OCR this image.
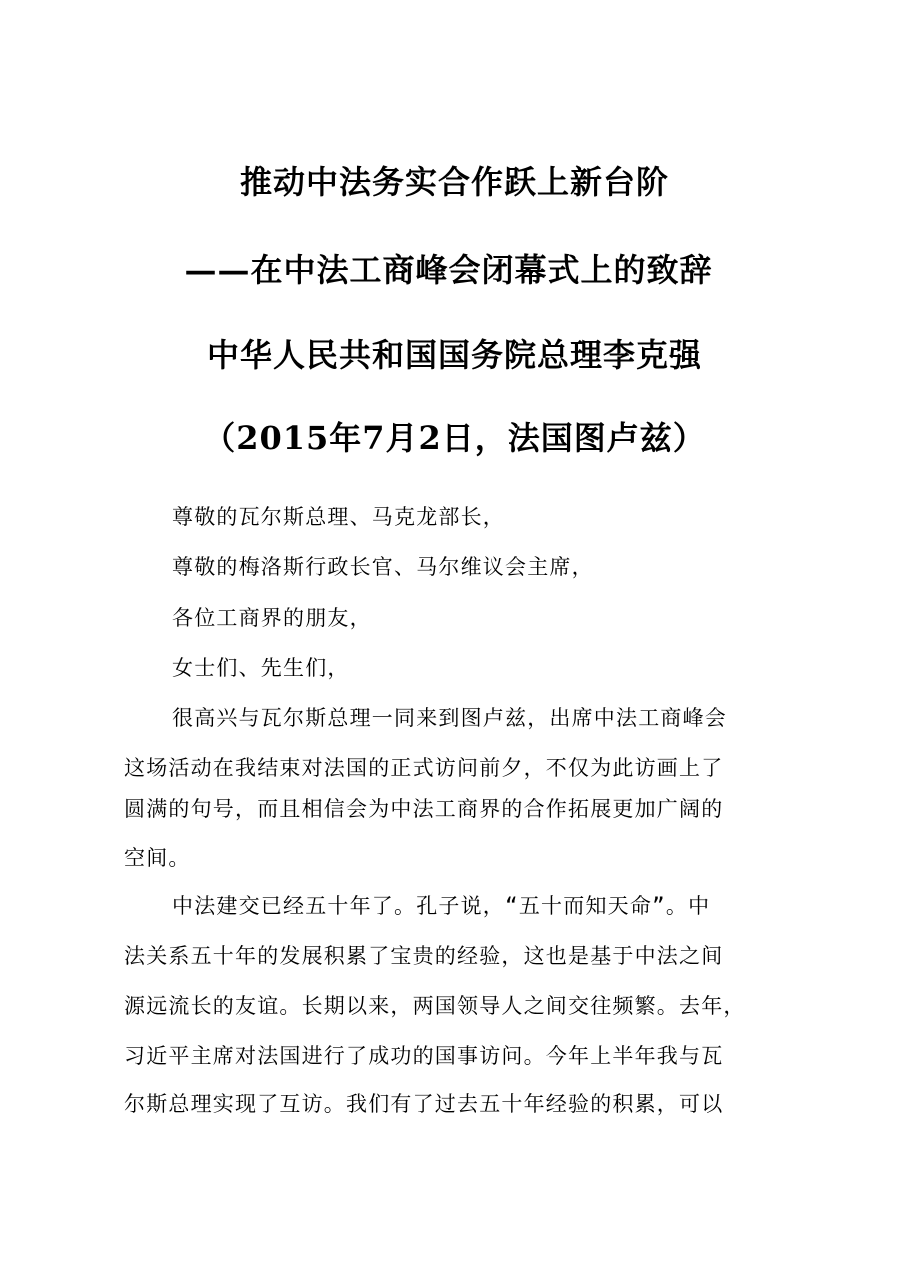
推动中法务实合作跃上新台阶
——在中法工商峰会闭幕式上的致辞
中华人民共和国国务院总理李克强
（2015年7月2日，法国图卢兹）
尊敬的瓦尔斯总理、马克龙部长，
尊敬的梅洛斯行政长官、马尔维议会主席，
各位工商界的朋友，
女士们、先生们，
很高兴与瓦尔斯总理一同来到图卢兹，出席中法工商峰会
这场活动在我结束对法国的正式访问前夕，不仅为此访画上了
圆满的句号，而且相信会为中法工商界的合作拓展更加广阔的
空间。
中法建交已经五十年了。孔子说，“五十而知天命”。中
法关系五十年的发展积累了宝贵的经验，这也是基于中法之间
源远流长的友谊。长期以来，两国领导人之间交往频繁。去年，
习近平主席对法国进行了成功的国事访问。今年上半年我与瓦
尔斯总理实现了互访。我们有了过去五十年经验的积累，可以
